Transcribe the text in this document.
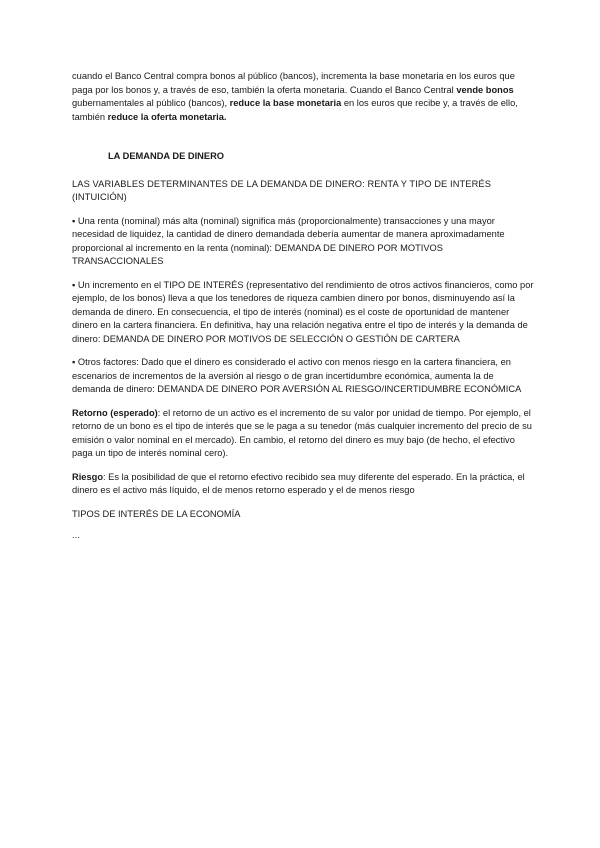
cuando el Banco Central compra bonos al público (bancos), incrementa la base monetaria en los euros que paga por los bonos y, a través de eso, también la oferta monetaria. Cuando el Banco Central vende bonos gubernamentales al público (bancos), reduce la base monetaria en los euros que recibe y, a través de ello, también reduce la oferta monetaria.

LA DEMANDA DE DINERO

LAS VARIABLES DETERMINANTES DE LA DEMANDA DE DINERO: RENTA Y TIPO DE INTERÉS (INTUICIÓN)

▪ Una renta (nominal) más alta (nominal) significa más (proporcionalmente) transacciones y una mayor necesidad de liquidez, la cantidad de dinero demandada debería aumentar de manera aproximadamente proporcional al incremento en la renta (nominal): DEMANDA DE DINERO POR MOTIVOS TRANSACCIONALES

▪ Un incremento en el TIPO DE INTERÉS (representativo del rendimiento de otros activos financieros, como por ejemplo, de los bonos) lleva a que los tenedores de riqueza cambien dinero por bonos, disminuyendo así la demanda de dinero. En consecuencia, el tipo de interés (nominal) es el coste de oportunidad de mantener dinero en la cartera financiera. En definitiva, hay una relación negativa entre el tipo de interés y la demanda de dinero: DEMANDA DE DINERO POR MOTIVOS DE SELECCIÓN O GESTIÓN DE CARTERA

▪ Otros factores: Dado que el dinero es considerado el activo con menos riesgo en la cartera financiera, en escenarios de incrementos de la aversión al riesgo o de gran incertidumbre económica, aumenta la de demanda de dinero: DEMANDA DE DINERO POR AVERSIÓN AL RIESGO/INCERTIDUMBRE ECONÓMICA

Retorno (esperado): el retorno de un activo es el incremento de su valor por unidad de tiempo. Por ejemplo, el retorno de un bono es el tipo de interés que se le paga a su tenedor (más cualquier incremento del precio de su emisión o valor nominal en el mercado). En cambio, el retorno del dinero es muy bajo (de hecho, el efectivo paga un tipo de interés nominal cero).

Riesgo: Es la posibilidad de que el retorno efectivo recibido sea muy diferente del esperado. En la práctica, el dinero es el activo más líquido, el de menos retorno esperado y el de menos riesgo

TIPOS DE INTERÉS DE LA ECONOMÍA

...
